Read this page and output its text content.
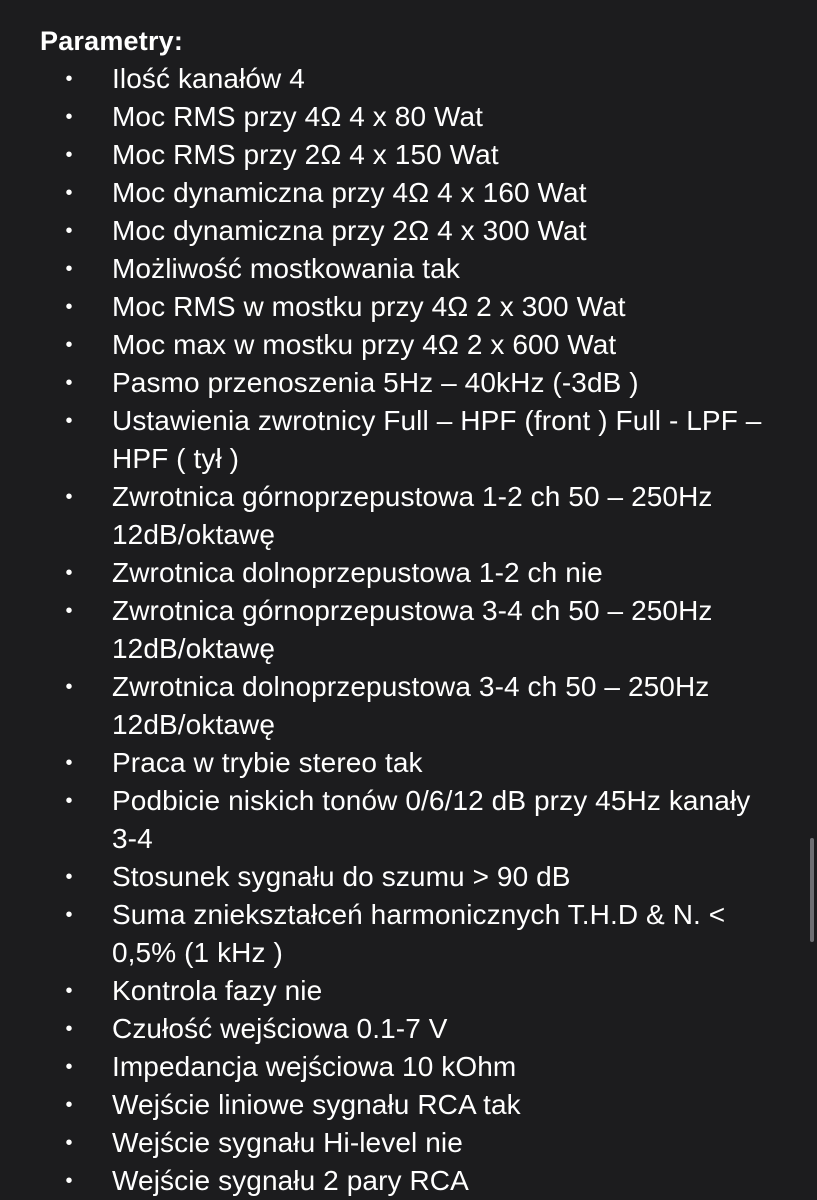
Parametry:

• Ilość kanałów 4
• Moc RMS przy 4Ω 4 x 80 Wat
• Moc RMS przy 2Ω 4 x 150 Wat
• Moc dynamiczna przy 4Ω 4 x 160 Wat
• Moc dynamiczna przy 2Ω 4 x 300 Wat
• Możliwość mostkowania tak
• Moc RMS w mostku przy 4Ω 2 x 300 Wat
• Moc max w mostku przy 4Ω 2 x 600 Wat
• Pasmo przenoszenia 5Hz – 40kHz (-3dB )
• Ustawienia zwrotnicy Full – HPF (front ) Full - LPF – HPF ( tył )
• Zwrotnica górnoprzepustowa 1-2 ch 50 – 250Hz 12dB/oktawę
• Zwrotnica dolnoprzepustowa 1-2 ch nie
• Zwrotnica górnoprzepustowa 3-4 ch 50 – 250Hz 12dB/oktawę
• Zwrotnica dolnoprzepustowa 3-4 ch 50 – 250Hz 12dB/oktawę
• Praca w trybie stereo tak
• Podbicie niskich tonów 0/6/12 dB przy 45Hz kanały 3-4
• Stosunek sygnału do szumu > 90 dB
• Suma zniekształceń harmonicznych T.H.D & N. < 0,5% (1 kHz )
• Kontrola fazy nie
• Czułość wejściowa 0.1-7 V
• Impedancja wejściowa 10 kOhm
• Wejście liniowe sygnału RCA tak
• Wejście sygnału Hi-level nie
• Wejście sygnału 2 pary RCA
